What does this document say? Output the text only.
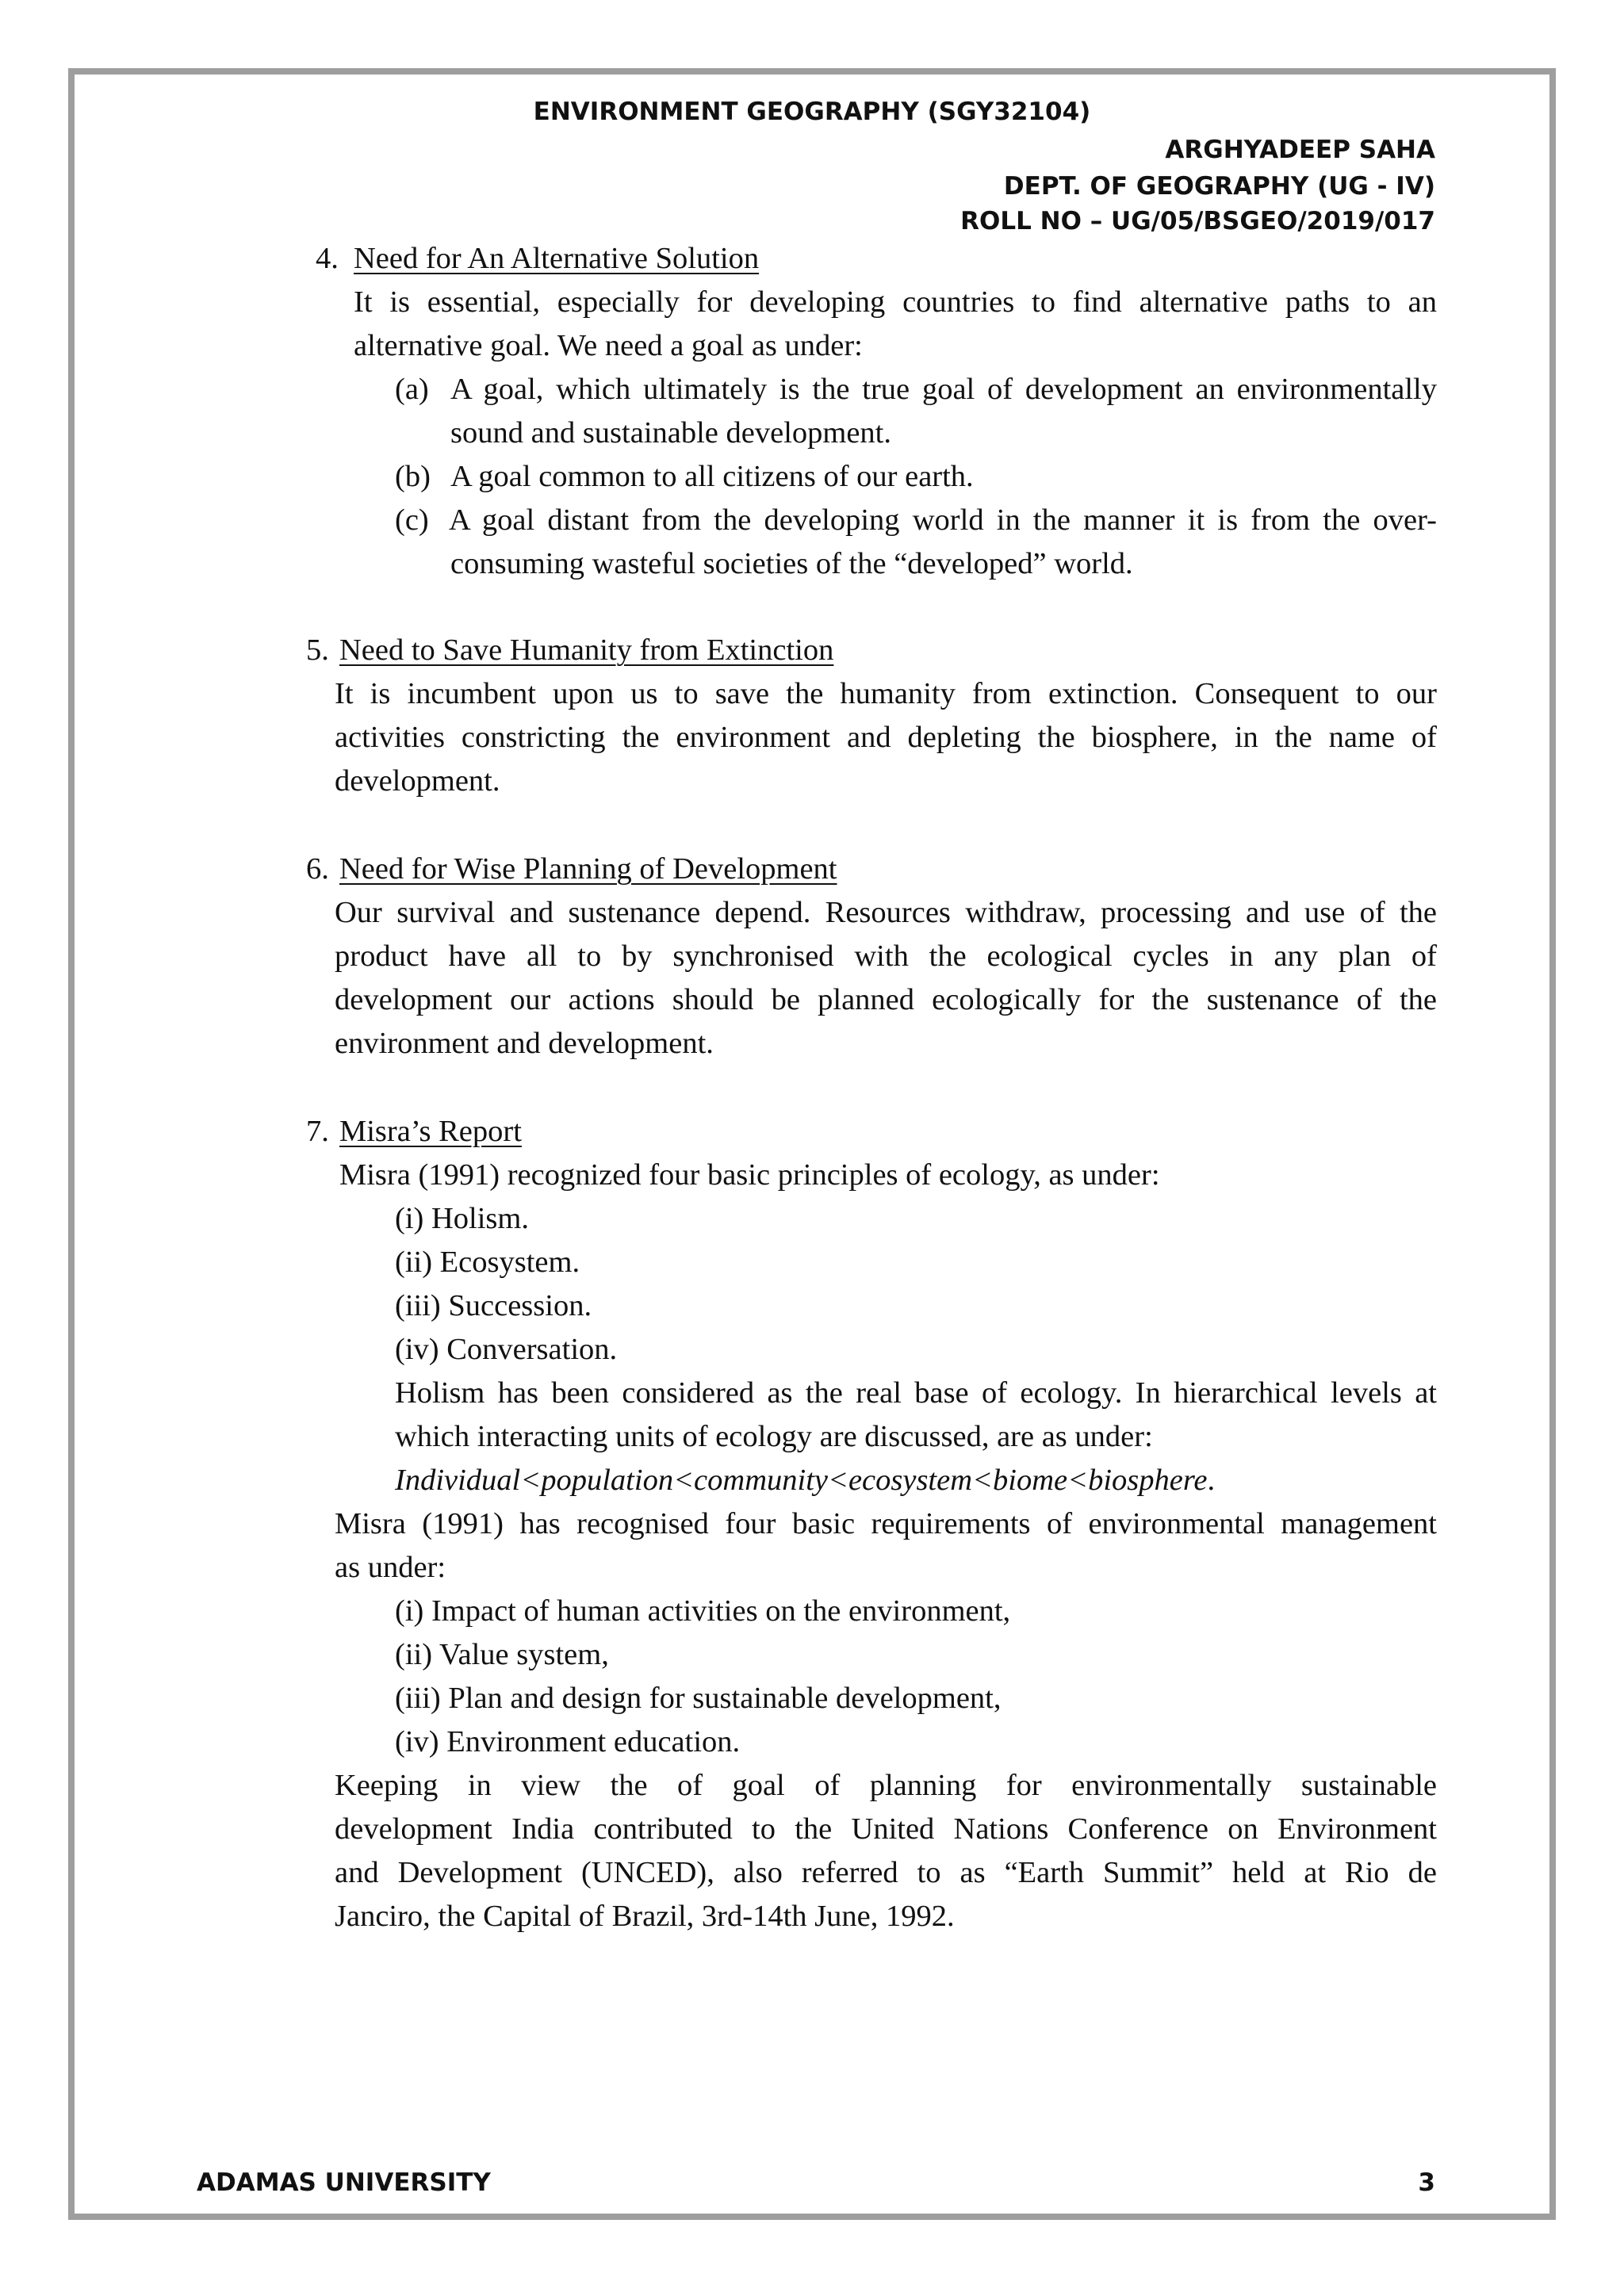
ENVIRONMENT GEOGRAPHY (SGY32104)
ARGHYADEEP SAHA
DEPT. OF GEOGRAPHY (UG - IV)
ROLL NO – UG/05/BSGEO/2019/017
4. Need for An Alternative Solution
It is essential, especially for developing countries to find alternative paths to an
alternative goal. We need a goal as under:
(a) A goal, which ultimately is the true goal of development an environmentally
sound and sustainable development.
(b) A goal common to all citizens of our earth.
(c) A goal distant from the developing world in the manner it is from the over-
consuming wasteful societies of the “developed” world.
5. Need to Save Humanity from Extinction
It is incumbent upon us to save the humanity from extinction. Consequent to our
activities constricting the environment and depleting the biosphere, in the name of
development.
6. Need for Wise Planning of Development
Our survival and sustenance depend. Resources withdraw, processing and use of the
product have all to by synchronised with the ecological cycles in any plan of
development our actions should be planned ecologically for the sustenance of the
environment and development.
7. Misra’s Report
Misra (1991) recognized four basic principles of ecology, as under:
(i) Holism.
(ii) Ecosystem.
(iii) Succession.
(iv) Conversation.
Holism has been considered as the real base of ecology. In hierarchical levels at
which interacting units of ecology are discussed, are as under:
Individual<population<community<ecosystem<biome<biosphere.
Misra (1991) has recognised four basic requirements of environmental management
as under:
(i) Impact of human activities on the environment,
(ii) Value system,
(iii) Plan and design for sustainable development,
(iv) Environment education.
Keeping in view the of goal of planning for environmentally sustainable
development India contributed to the United Nations Conference on Environment
and Development (UNCED), also referred to as “Earth Summit” held at Rio de
Janciro, the Capital of Brazil, 3rd-14th June, 1992.
ADAMAS UNIVERSITY	3
